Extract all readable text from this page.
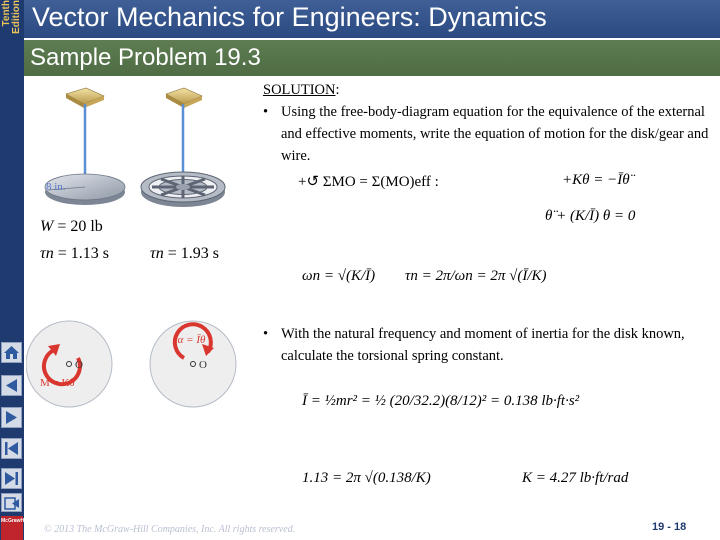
Tenth Edition Vector Mechanics for Engineers: Dynamics
Sample Problem 19.3
McGrawHill
8 in.
W = 20 lb
τn = 1.13 s	τn = 1.93 s
O	O
M = Kθ
Iα = Īθ
SOLUTION:
• Using the free-body-diagram equation for the equivalence of the external and effective moments, write the equation of motion for the disk/gear and wire.
+↺ ΣMO = Σ(MO)eff :	+Kθ = −Īθ̈
θ̈ + (K/Ī) θ = 0
ωn = √(K/Ī) τn = 2π/ωn = 2π √(Ī/K)
• With the natural frequency and moment of inertia for the disk known, calculate the torsional spring constant.
Ī = ½mr² = ½ (20/32.2)(8/12)² = 0.138 lb·ft·s²
1.13 = 2π √(0.138/K)	K = 4.27 lb·ft/rad
© 2013 The McGraw-Hill Companies, Inc. All rights reserved.	19 - 18
